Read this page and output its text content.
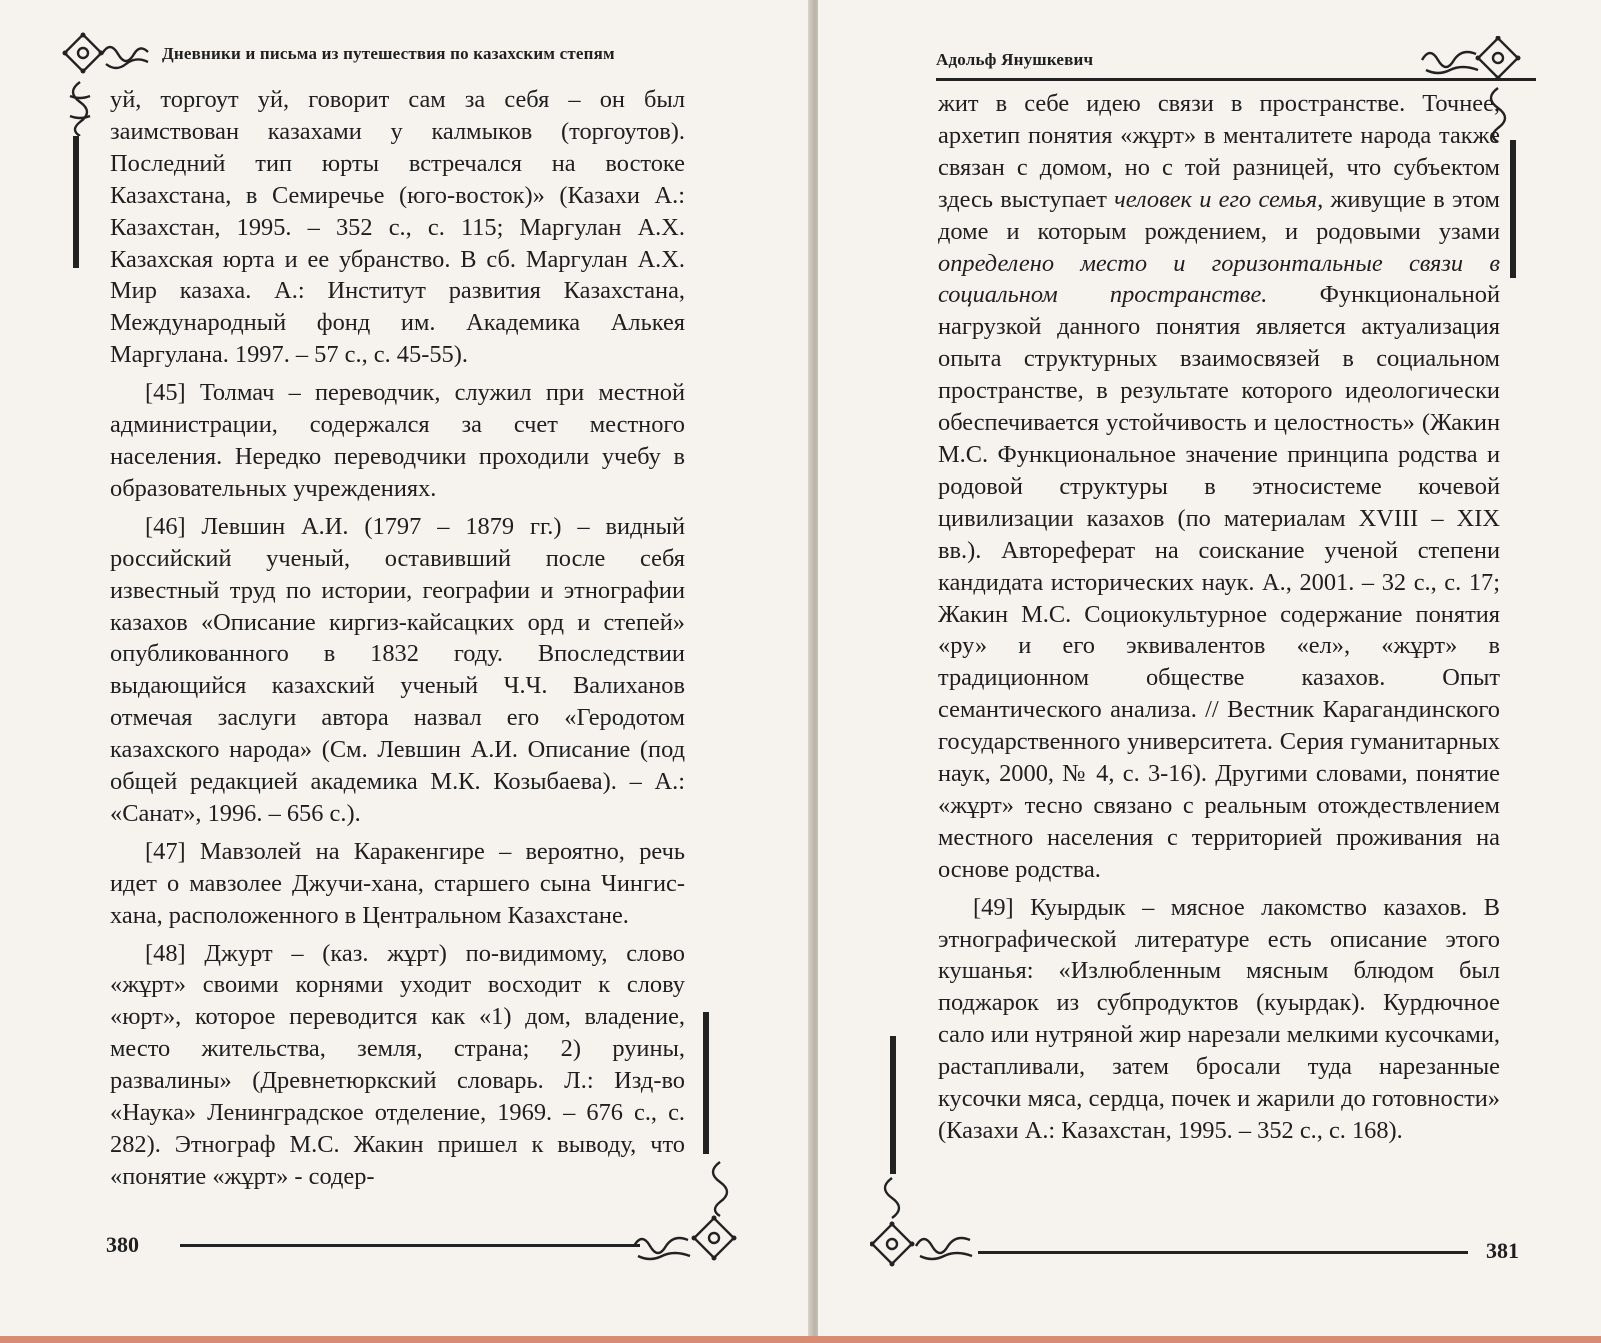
Дневники и письма из путешествия по казахским степям

уй, торгоут уй, говорит сам за себя – он был заимствован казахами у калмыков (торгоутов). Последний тип юрты встречался на востоке Казахстана, в Семиречье (юго-восток)» (Казахи А.: Казахстан, 1995. – 352 с., с. 115; Маргулан А.Х. Казахская юрта и ее убранство. В сб. Маргулан А.Х. Мир казаха. А.: Институт развития Казахстана, Международный фонд им. Академика Алькея Маргулана. 1997. – 57 с., с. 45-55).

[45] Толмач – переводчик, служил при местной администрации, содержался за счет местного населения. Нередко переводчики проходили учебу в образовательных учреждениях.

[46] Левшин А.И. (1797 – 1879 гг.) – видный российский ученый, оставивший после себя известный труд по истории, географии и этнографии казахов «Описание киргиз-кайсацких орд и степей» опубликованного в 1832 году. Впоследствии выдающийся казахский ученый Ч.Ч. Валиханов отмечая заслуги автора назвал его «Геродотом казахского народа» (См. Левшин А.И. Описание (под общей редакцией академика М.К. Козыбаева). – А.: «Санат», 1996. – 656 с.).

[47] Мавзолей на Каракенгире – вероятно, речь идет о мавзолее Джучи-хана, старшего сына Чингис-хана, расположенного в Центральном Казахстане.

[48] Джурт – (каз. жұрт) по-видимому, слово «жұрт» своими корнями уходит восходит к слову «юрт», которое переводится как «1) дом, владение, место жительства, земля, страна; 2) руины, развалины» (Древнетюркский словарь. Л.: Изд-во «Наука» Ленинградское отделение, 1969. – 676 с., с. 282). Этнограф М.С. Жакин пришел к выводу, что «понятие «жұрт» - содер-

380
Адольф Янушкевич

жит в себе идею связи в пространстве. Точнее, архетип понятия «жұрт» в менталитете народа также связан с домом, но с той разницей, что субъектом здесь выступает человек и его семья, живущие в этом доме и которым рождением, и родовыми узами определено место и горизонтальные связи в социальном пространстве. Функциональной нагрузкой данного понятия является актуализация опыта структурных взаимосвязей в социальном пространстве, в результате которого идеологически обеспечивается устойчивость и целостность» (Жакин М.С. Функциональное значение принципа родства и родовой структуры в этносистеме кочевой цивилизации казахов (по материалам XVIII – XIX вв.). Автореферат на соискание ученой степени кандидата исторических наук. А., 2001. – 32 с., с. 17; Жакин М.С. Социокультурное содержание понятия «ру» и его эквивалентов «ел», «жұрт» в традиционном обществе казахов. Опыт семантического анализа. // Вестник Карагандинского государственного университета. Серия гуманитарных наук, 2000, № 4, с. 3-16). Другими словами, понятие «жұрт» тесно связано с реальным отождествлением местного населения с территорией проживания на основе родства.

[49] Куырдык – мясное лакомство казахов. В этнографической литературе есть описание этого кушанья: «Излюбленным мясным блюдом был поджарок из субпродуктов (куырдак). Курдючное сало или нутряной жир нарезали мелкими кусочками, растапливали, затем бросали туда нарезанные кусочки мяса, сердца, почек и жарили до готовности» (Казахи А.: Казахстан, 1995. – 352 с., с. 168).

381
